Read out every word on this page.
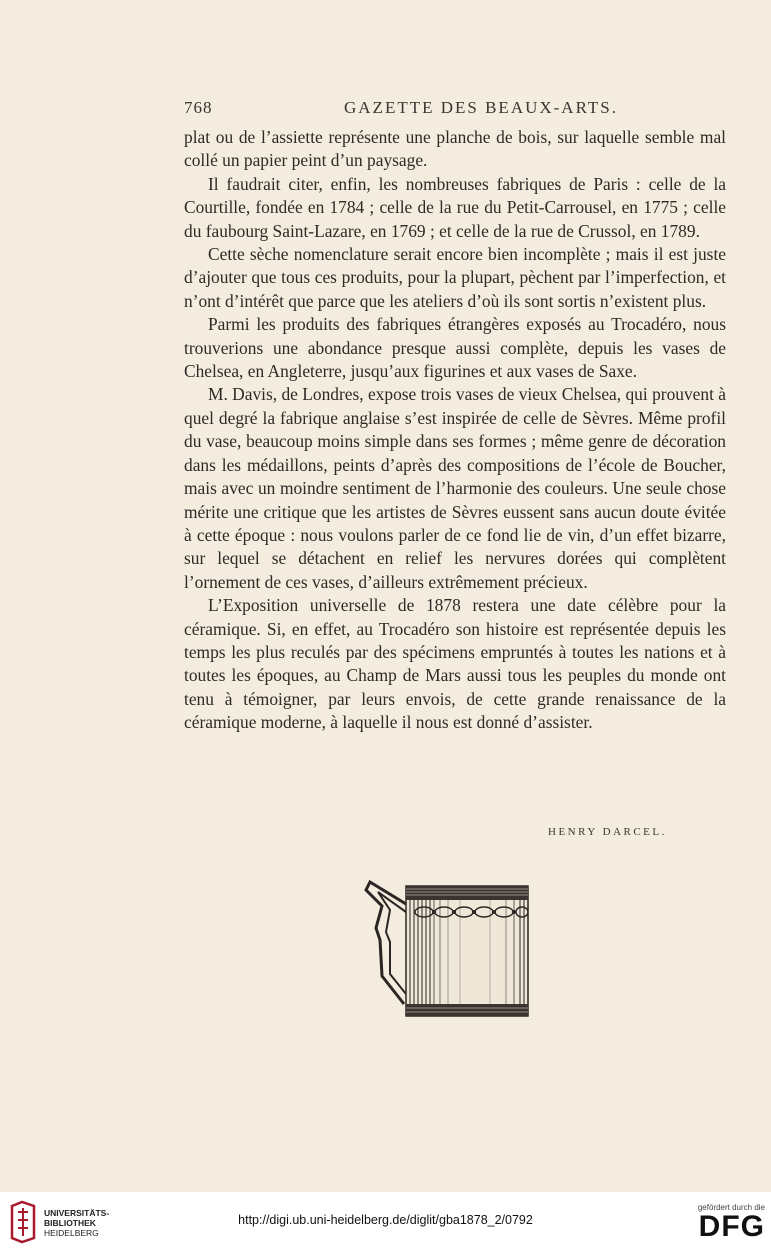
768	GAZETTE DES BEAUX-ARTS.

plat ou de l’assiette représente une planche de bois, sur laquelle semble mal collé un papier peint d’un paysage.

Il faudrait citer, enfin, les nombreuses fabriques de Paris : celle de la Courtille, fondée en 1784 ; celle de la rue du Petit-Carrousel, en 1775 ; celle du faubourg Saint-Lazare, en 1769 ; et celle de la rue de Crussol, en 1789.

Cette sèche nomenclature serait encore bien incomplète ; mais il est juste d’ajouter que tous ces produits, pour la plupart, pèchent par l’imperfection, et n’ont d’intérêt que parce que les ateliers d’où ils sont sortis n’existent plus.

Parmi les produits des fabriques étrangères exposés au Trocadéro, nous trouverions une abondance presque aussi complète, depuis les vases de Chelsea, en Angleterre, jusqu’aux figurines et aux vases de Saxe.

M. Davis, de Londres, expose trois vases de vieux Chelsea, qui prouvent à quel degré la fabrique anglaise s’est inspirée de celle de Sèvres. Même profil du vase, beaucoup moins simple dans ses formes ; même genre de décoration dans les médaillons, peints d’après des compositions de l’école de Boucher, mais avec un moindre sentiment de l’harmonie des couleurs. Une seule chose mérite une critique que les artistes de Sèvres eussent sans aucun doute évitée à cette époque : nous voulons parler de ce fond lie de vin, d’un effet bizarre, sur lequel se détachent en relief les nervures dorées qui complètent l’ornement de ces vases, d’ailleurs extrêmement précieux.

L’Exposition universelle de 1878 restera une date célèbre pour la céramique. Si, en effet, au Trocadéro son histoire est représentée depuis les temps les plus reculés par des spécimens empruntés à toutes les nations et à toutes les époques, au Champ de Mars aussi tous les peuples du monde ont tenu à témoigner, par leurs envois, de cette grande renaissance de la céramique moderne, à laquelle il nous est donné d’assister.

HENRY DARCEL.
UNIVERSITÄTS-
BIBLIOTHEK
HEIDELBERG
http://digi.ub.uni-heidelberg.de/diglit/gba1878_2/0792
gefördert durch die
DFG
